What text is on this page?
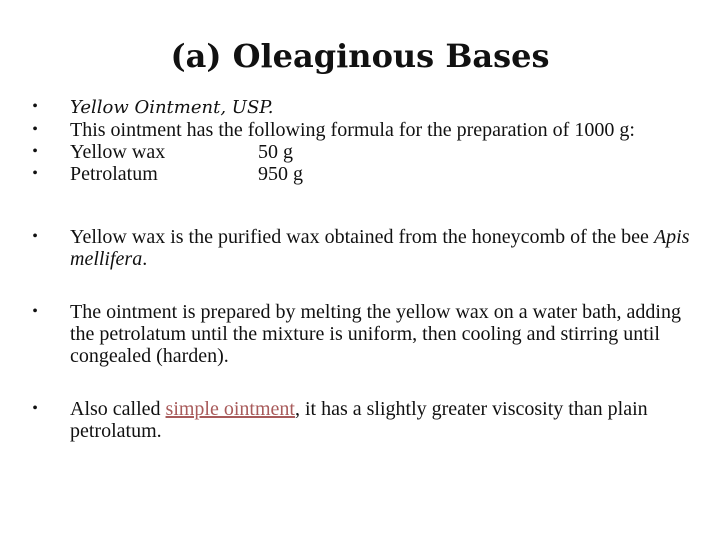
(a) Oleaginous Bases
• Yellow Ointment, USP.
• This ointment has the following formula for the preparation of 1000 g:
• Yellow wax	50 g
• Petrolatum	950 g
• Yellow wax is the purified wax obtained from the honeycomb of the bee Apis mellifera.
• The ointment is prepared by melting the yellow wax on a water bath, adding the petrolatum until the mixture is uniform, then cooling and stirring until congealed (harden).
• Also called simple ointment, it has a slightly greater viscosity than plain petrolatum.
